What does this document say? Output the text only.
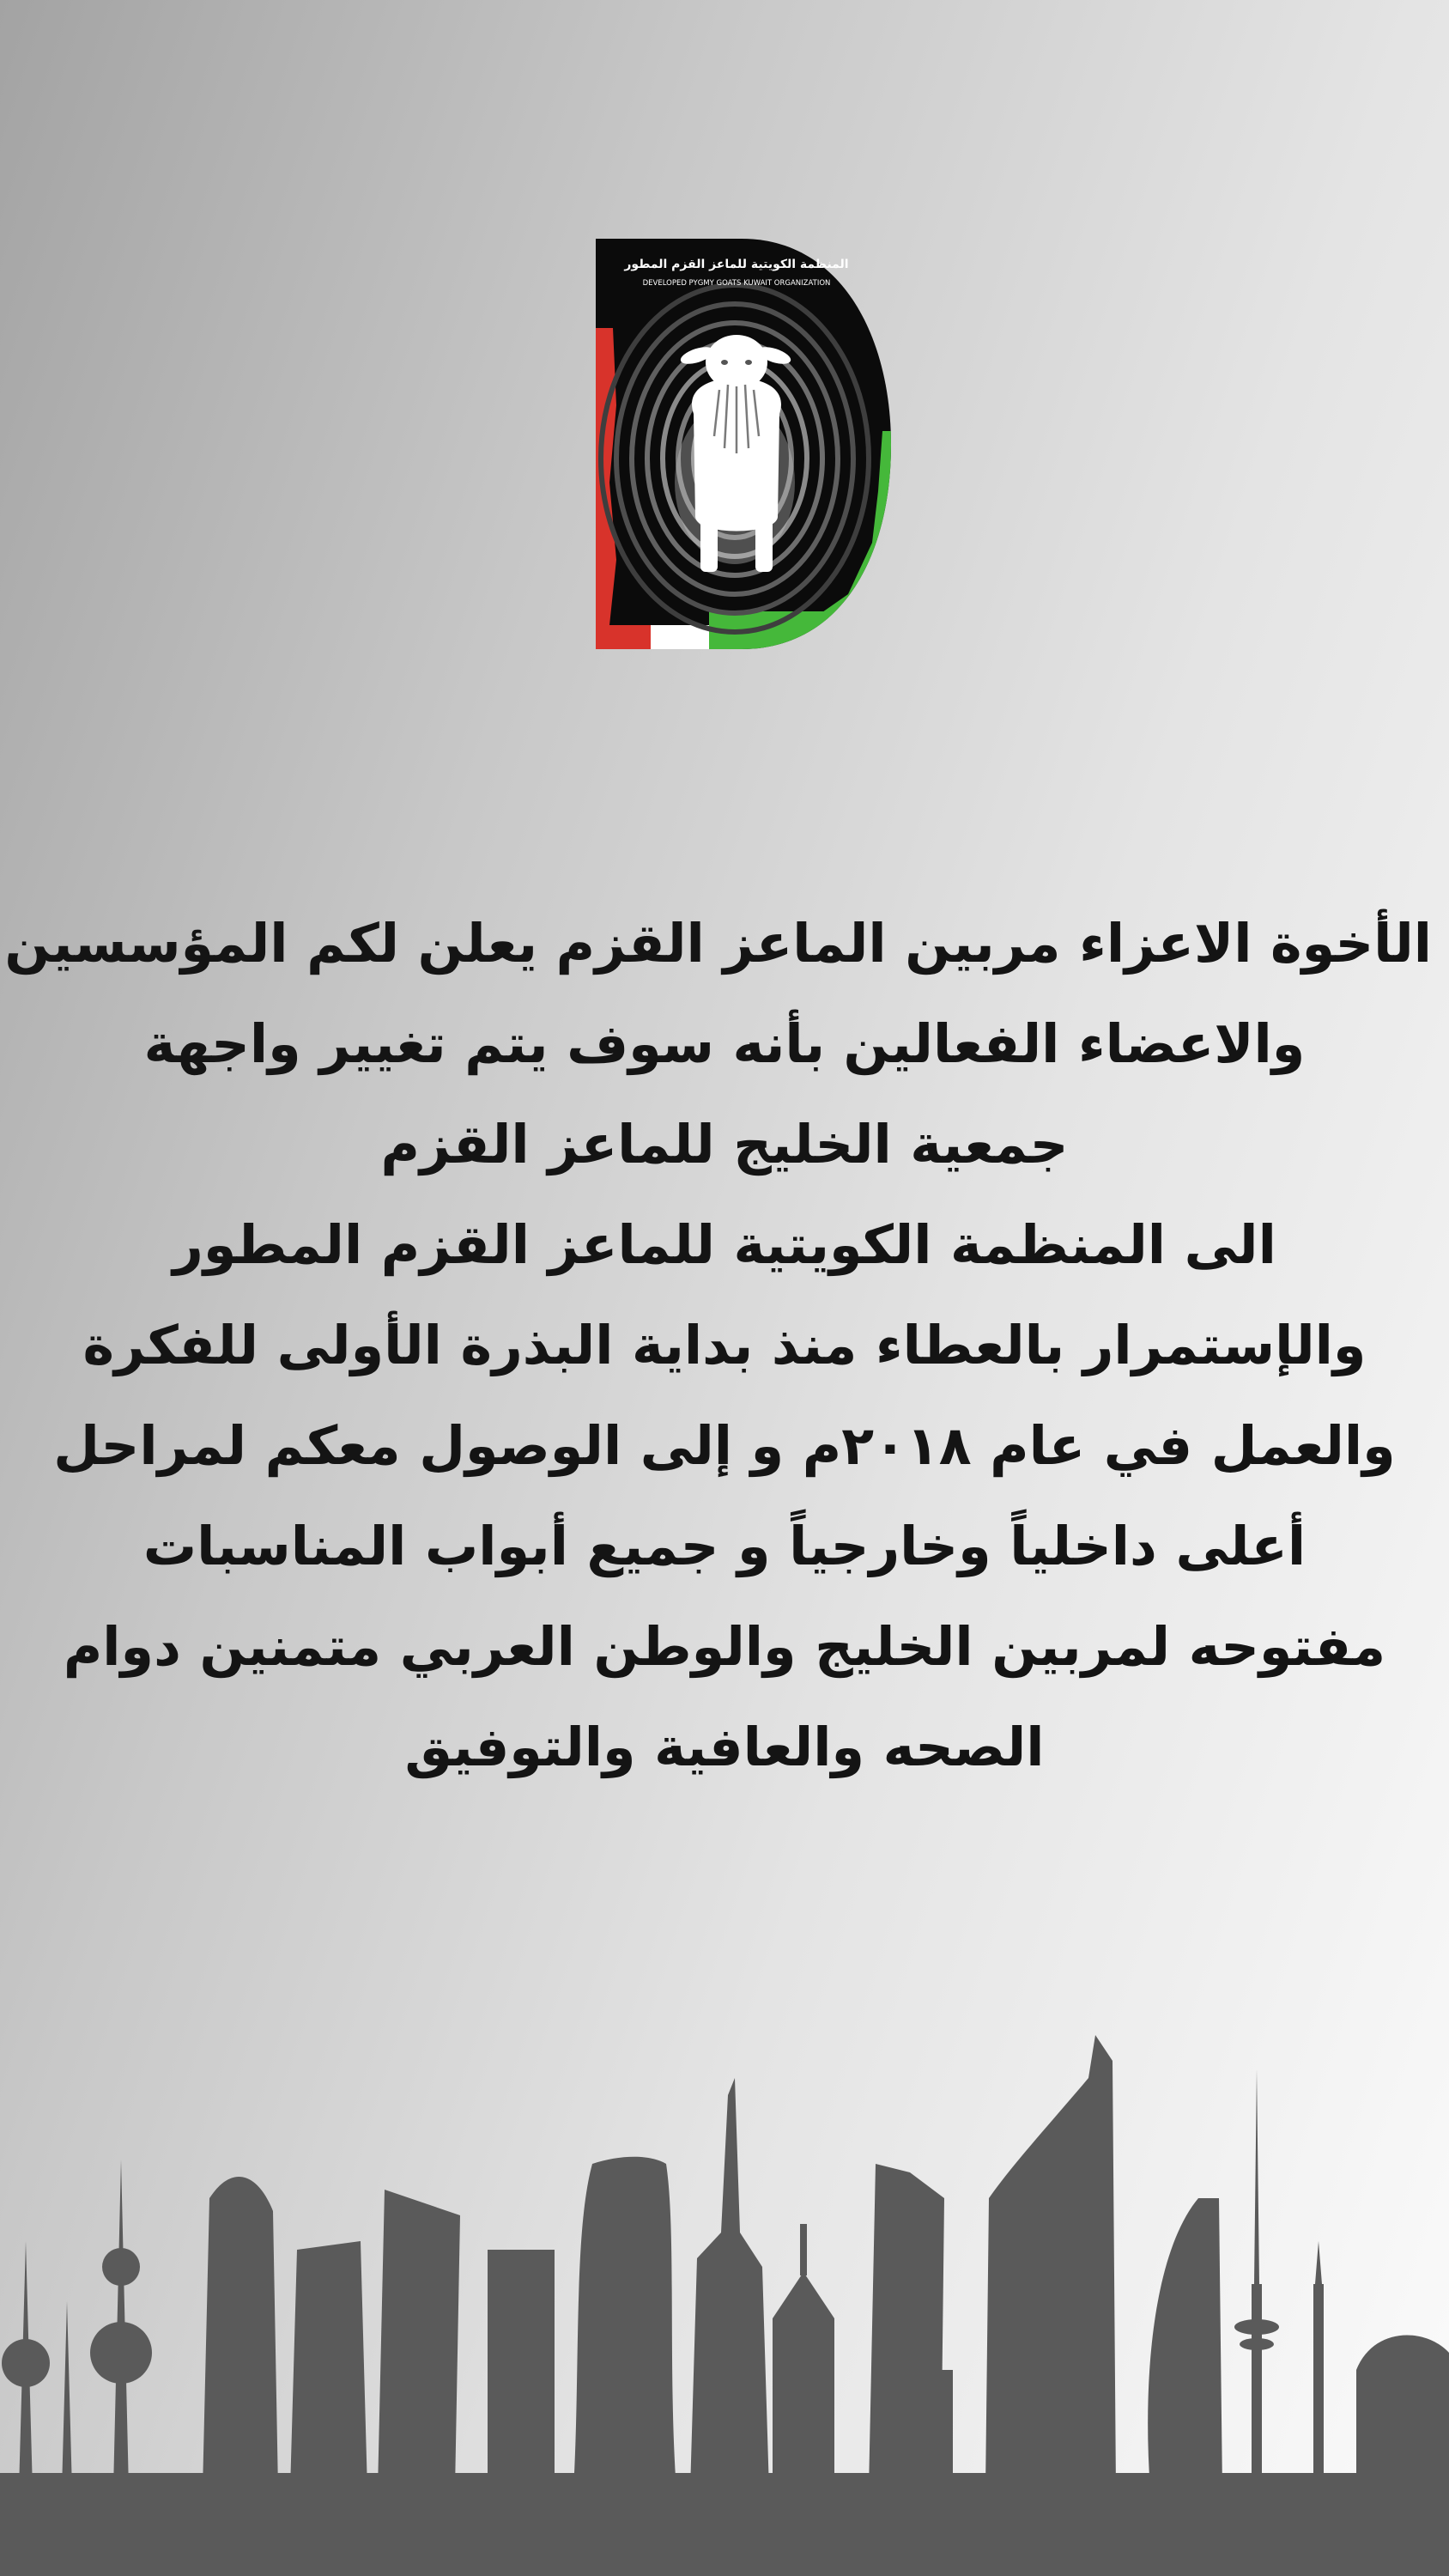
المنظمة الكويتية للماعز القزم المطور
DEVELOPED PYGMY GOATS KUWAIT ORGANIZATION
الأخوة الاعزاء مربين الماعز القزم يعلن لكم المؤسسين
والاعضاء الفعالين بأنه سوف يتم تغيير واجهة
جمعية الخليج للماعز القزم
الى المنظمة الكويتية للماعز القزم المطور
والإستمرار بالعطاء منذ بداية البذرة الأولى للفكرة
والعمل في عام ٢٠١٨م و إلى الوصول معكم لمراحل
أعلى داخلياً وخارجياً و جميع أبواب المناسبات
مفتوحه لمربين الخليج والوطن العربي متمنين دوام
الصحه والعافية والتوفيق
